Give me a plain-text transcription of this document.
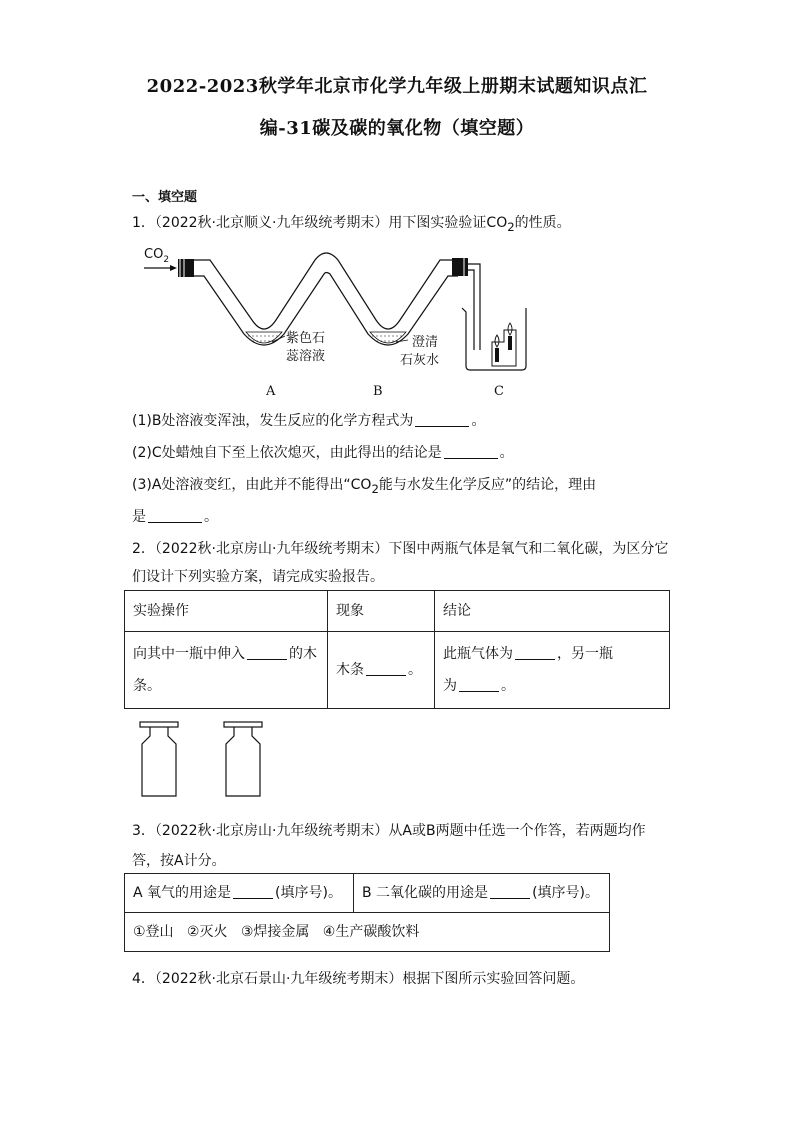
2022-2023秋学年北京市化学九年级上册期末试题知识点汇
编-31碳及碳的氧化物（填空题）
一、填空题
1．（2022秋·北京顺义·九年级统考期末）用下图实验验证$CO_2$的性质。
$CO_2$
紫色石
蕊溶液
澄清
石灰水
A	B	C
(1)B处溶液变浑浊，发生反应的化学方程式为	。
(2)C处蜡烛自下至上依次熄灭，由此得出的结论是	。
(3)A处溶液变红，由此并不能得出“$CO_2$能与水发生化学反应”的结论，理由
是	。
2．（2022秋·北京房山·九年级统考期末）下图中两瓶气体是氧气和二氧化碳，为区分它
们设计下列实验方案，请完成实验报告。
实验操作	现象	结论
向其中一瓶中伸入 的木
条。	木条 。	此瓶气体为 ，另一瓶
为 。
3．（2022秋·北京房山·九年级统考期末）从A或B两题中任选一个作答，若两题均作
答，按A计分。
A 氧气的用途是	(填序号)。	B 二氧化碳的用途是	(填序号)。
①登山 ②灭火 ③焊接金属 ④生产碳酸饮料
4．（2022秋·北京石景山·九年级统考期末）根据下图所示实验回答问题。
